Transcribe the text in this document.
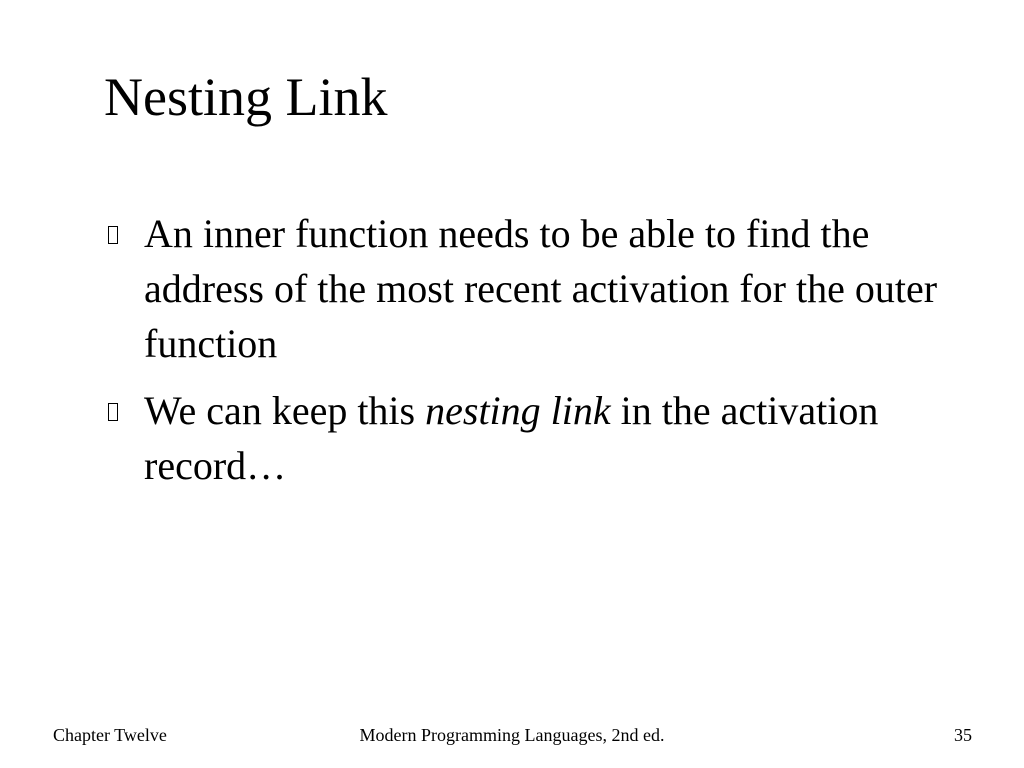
Nesting Link
An inner function needs to be able to find the address of the most recent activation for the outer function
We can keep this nesting link in the activation record…
Chapter Twelve	Modern Programming Languages, 2nd ed.	35
